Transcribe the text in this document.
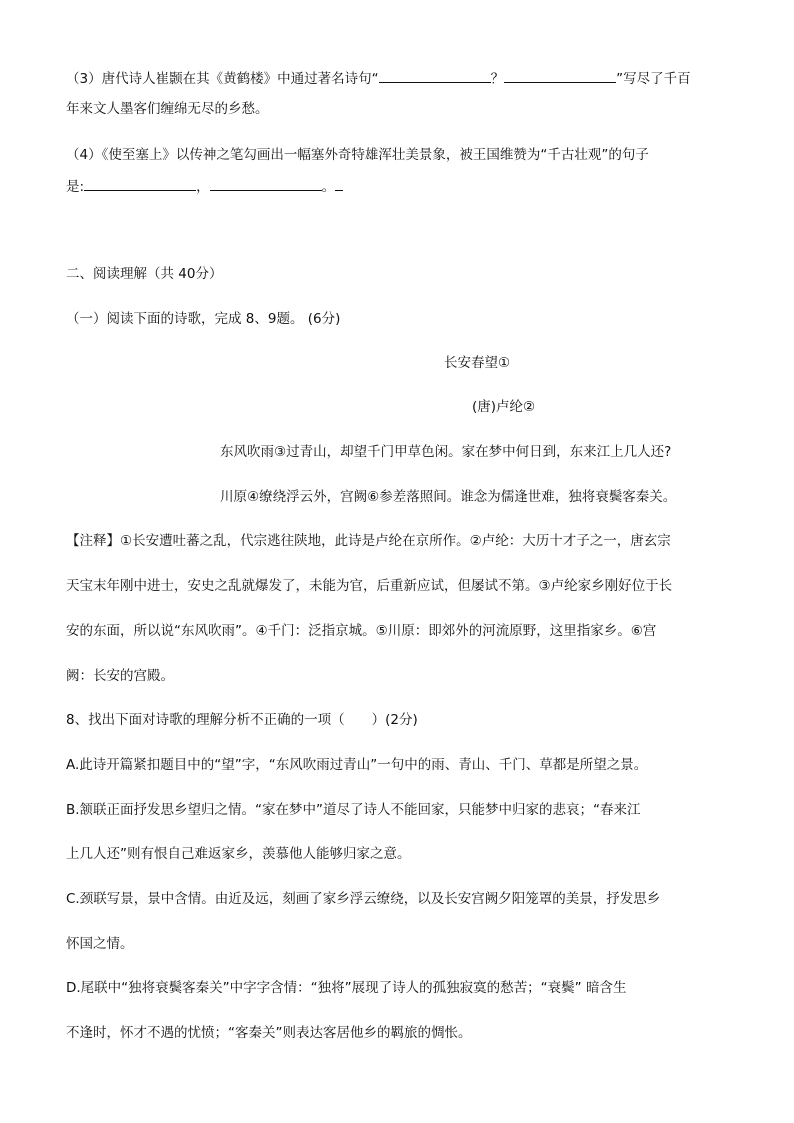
（3）唐代诗人崔颢在其《黄鹤楼》中通过著名诗句“	？	”写尽了千百
年来文人墨客们缠绵无尽的乡愁。
（4）《使至塞上》以传神之笔勾画出一幅塞外奇特雄浑壮美景象，被王国维赞为“千古壮观”的句子
是:	，	。
二、阅读理解（共 40分）
（一）阅读下面的诗歌，完成 8、9题。 (6分)
长安春望①
(唐)卢纶②
东风吹雨③过青山，却望千门甲草色闲。家在梦中何日到，东来江上几人还?
川原④缭绕浮云外，宫阙⑥参差落照间。谁念为儒逢世难，独将衰鬓客秦关。
【注释】①长安遭吐蕃之乱，代宗逃往陕地，此诗是卢纶在京所作。②卢纶：大历十才子之一，唐玄宗
天宝末年刚中进士，安史之乱就爆发了，未能为官，后重新应试，但屡试不第。③卢纶家乡刚好位于长
安的东面，所以说“东风吹雨”。④千门：泛指京城。⑤川原：即郊外的河流原野，这里指家乡。⑥宫
阙：长安的宫殿。
8、找出下面对诗歌的理解分析不正确的一项（　　）(2分)
A.此诗开篇紧扣题目中的“望”字，“东风吹雨过青山”一句中的雨、青山、千门、草都是所望之景。
B.颔联正面抒发思乡望归之情。“家在梦中”道尽了诗人不能回家，只能梦中归家的悲哀；“春来江
上几人还”则有恨自己难返家乡，羡慕他人能够归家之意。
C.颈联写景，景中含情。由近及远，刻画了家乡浮云缭绕，以及长安宫阙夕阳笼罩的美景，抒发思乡
怀国之情。
D.尾联中“独将衰鬓客秦关”中字字含情：“独将”展现了诗人的孤独寂寞的愁苦；“衰鬓” 暗含生
不逢时，怀才不遇的忧愤；“客秦关”则表达客居他乡的羁旅的惆怅。
